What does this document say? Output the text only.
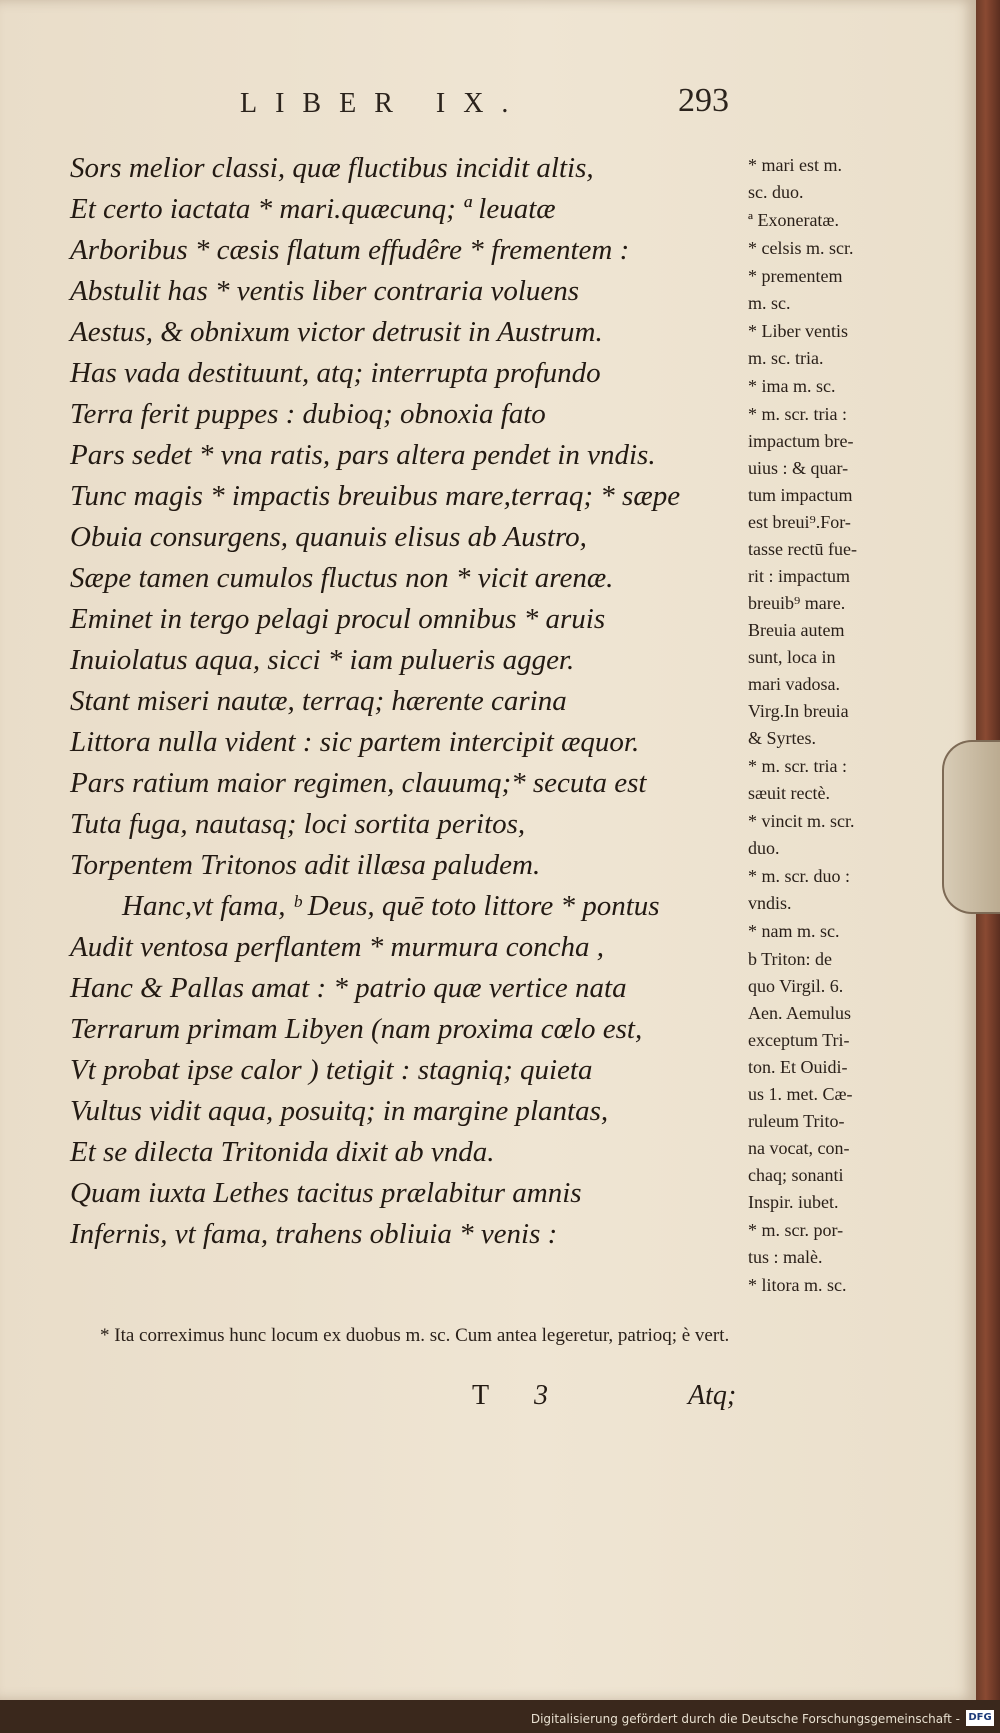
LIBER IX.	293
Sors melior classi, quæ fluctibus incidit altis,
Et certo iactata * mari.quæcunq; ª leuatæ
Arboribus * cæsis flatum effudêre * frementem :
Abstulit has * ventis liber contraria voluens
Aestus, & obnixum victor detrusit in Austrum.
Has vada destituunt, atq; interrupta profundo
Terra ferit puppes : dubioq; obnoxia fato
Pars sedet * vna ratis, pars altera pendet in vndis.
Tunc magis * impactis breuibus mare,terraq; * sæpe
Obuia consurgens, quanuis elisus ab Austro,
Sæpe tamen cumulos fluctus non * vicit arenæ.
Eminet in tergo pelagi procul omnibus * aruis
Inuiolatus aqua, sicci * iam pulueris agger.
Stant miseri nautæ, terraq; hærente carina
Littora nulla vident : sic partem intercipit æquor.
Pars ratium maior regimen, clauumq;* secuta est
Tuta fuga, nautasq; loci sortita peritos,
Torpentem Tritonos adit illæsa paludem.
Hanc,vt fama, ᵇ Deus, quē toto littore * pontus
Audit ventosa perflantem * murmura concha ,
Hanc & Pallas amat : * patrio quæ vertice nata
Terrarum primam Libyen (nam proxima cœlo est,
Vt probat ipse calor ) tetigit : stagniq; quieta
Vultus vidit aqua, posuitq; in margine plantas,
Et se dilecta Tritonida dixit ab vnda.
Quam iuxta Lethes tacitus prælabitur amnis
Infernis, vt fama, trahens obliuia * venis :
* mari est m.
sc. duo.
ª Exoneratæ.
* celsis m. scr.
* prementem
m. sc.
* Liber ventis
m. sc. tria.
* ima m. sc.
* m. scr. tria :
impactum bre-
uius : & quar-
tum impactum
est breui⁹.For-
tasse rectū fue-
rit : impactum
breuib⁹ mare.
Breuia autem
sunt, loca in
mari vadosa.
Virg.In breuia
& Syrtes.
* m. scr. tria :
sæuit rectè.
* vincit m. scr.
duo.
* m. scr. duo :
vndis.
* nam m. sc.
b Triton: de
quo Virgil. 6.
Aen. Aemulus
exceptum Tri-
ton. Et Ouidi-
us 1. met. Cæ-
ruleum Trito-
na vocat, con-
chaq; sonanti
Inspir. iubet.
* m. scr. por-
tus : malè.
* litora m. sc.
* Ita correximus hunc locum ex duobus m. sc. Cum antea legeretur, patrioq; è vert.
T 3	Atq;
Digitalisierung gefördert durch die Deutsche Forschungsgemeinschaft - DFG
